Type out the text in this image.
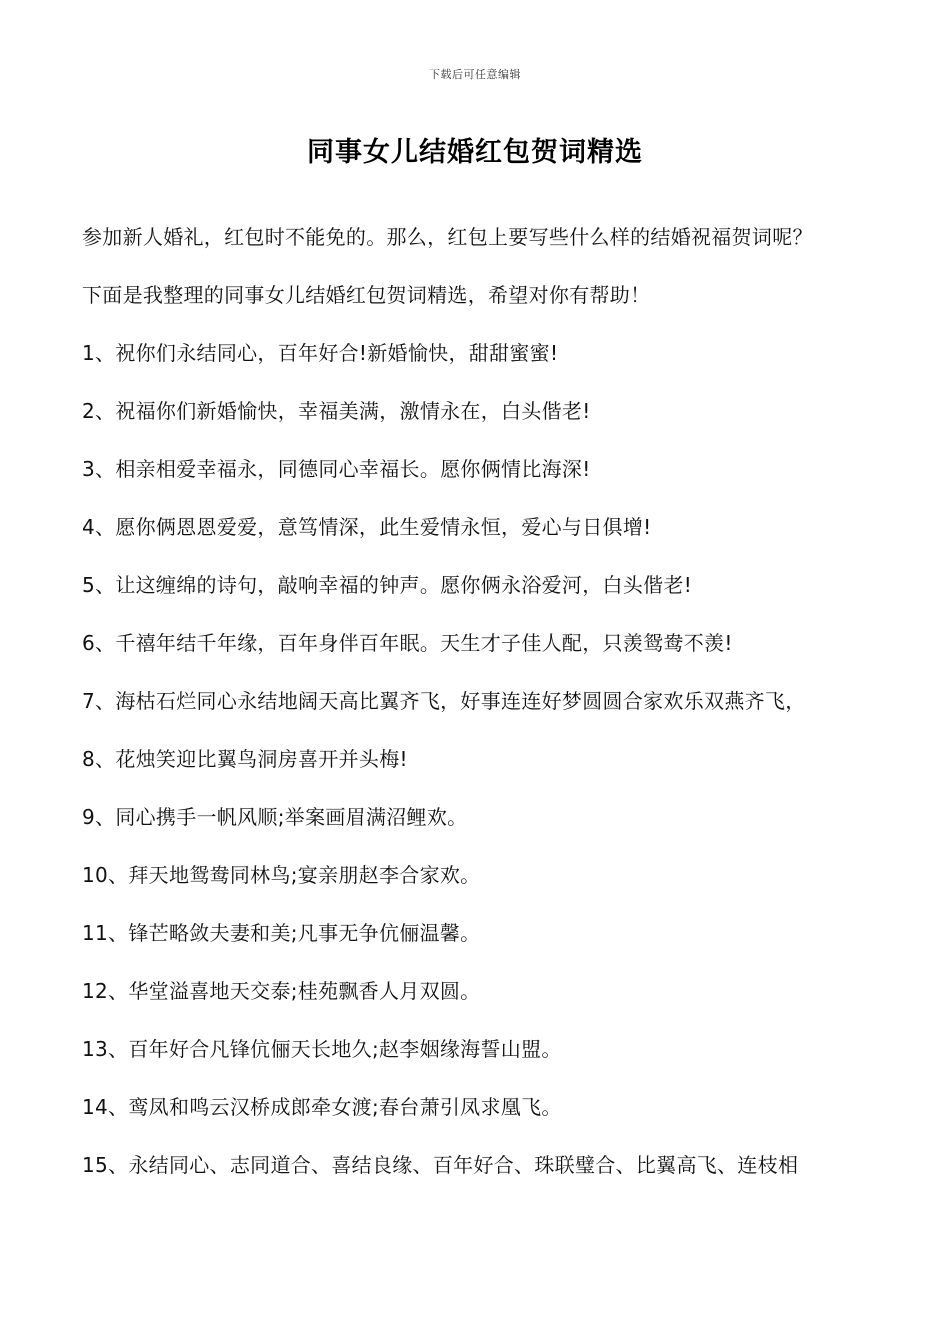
下载后可任意编辑
同事女儿结婚红包贺词精选
参加新人婚礼，红包时不能免的。那么，红包上要写些什么样的结婚祝福贺词呢？
下面是我整理的同事女儿结婚红包贺词精选，希望对你有帮助！
1、祝你们永结同心，百年好合!新婚愉快，甜甜蜜蜜!
2、祝福你们新婚愉快，幸福美满，激情永在，白头偕老!
3、相亲相爱幸福永，同德同心幸福长。愿你俩情比海深!
4、愿你俩恩恩爱爱，意笃情深，此生爱情永恒，爱心与日俱增!
5、让这缠绵的诗句，敲响幸福的钟声。愿你俩永浴爱河，白头偕老!
6、千禧年结千年缘，百年身伴百年眠。天生才子佳人配，只羡鸳鸯不羡!
7、海枯石烂同心永结地阔天高比翼齐飞，好事连连好梦圆圆合家欢乐双燕齐飞，
8、花烛笑迎比翼鸟洞房喜开并头梅!
9、同心携手一帆风顺;举案画眉满沼鲤欢。
10、拜天地鸳鸯同林鸟;宴亲朋赵李合家欢。
11、锋芒略敛夫妻和美;凡事无争伉俪温馨。
12、华堂溢喜地天交泰;桂苑飘香人月双圆。
13、百年好合凡锋伉俪天长地久;赵李姻缘海誓山盟。
14、鸾凤和鸣云汉桥成郎牵女渡;春台萧引凤求凰飞。
15、永结同心、志同道合、喜结良缘、百年好合、珠联璧合、比翼高飞、连枝相
